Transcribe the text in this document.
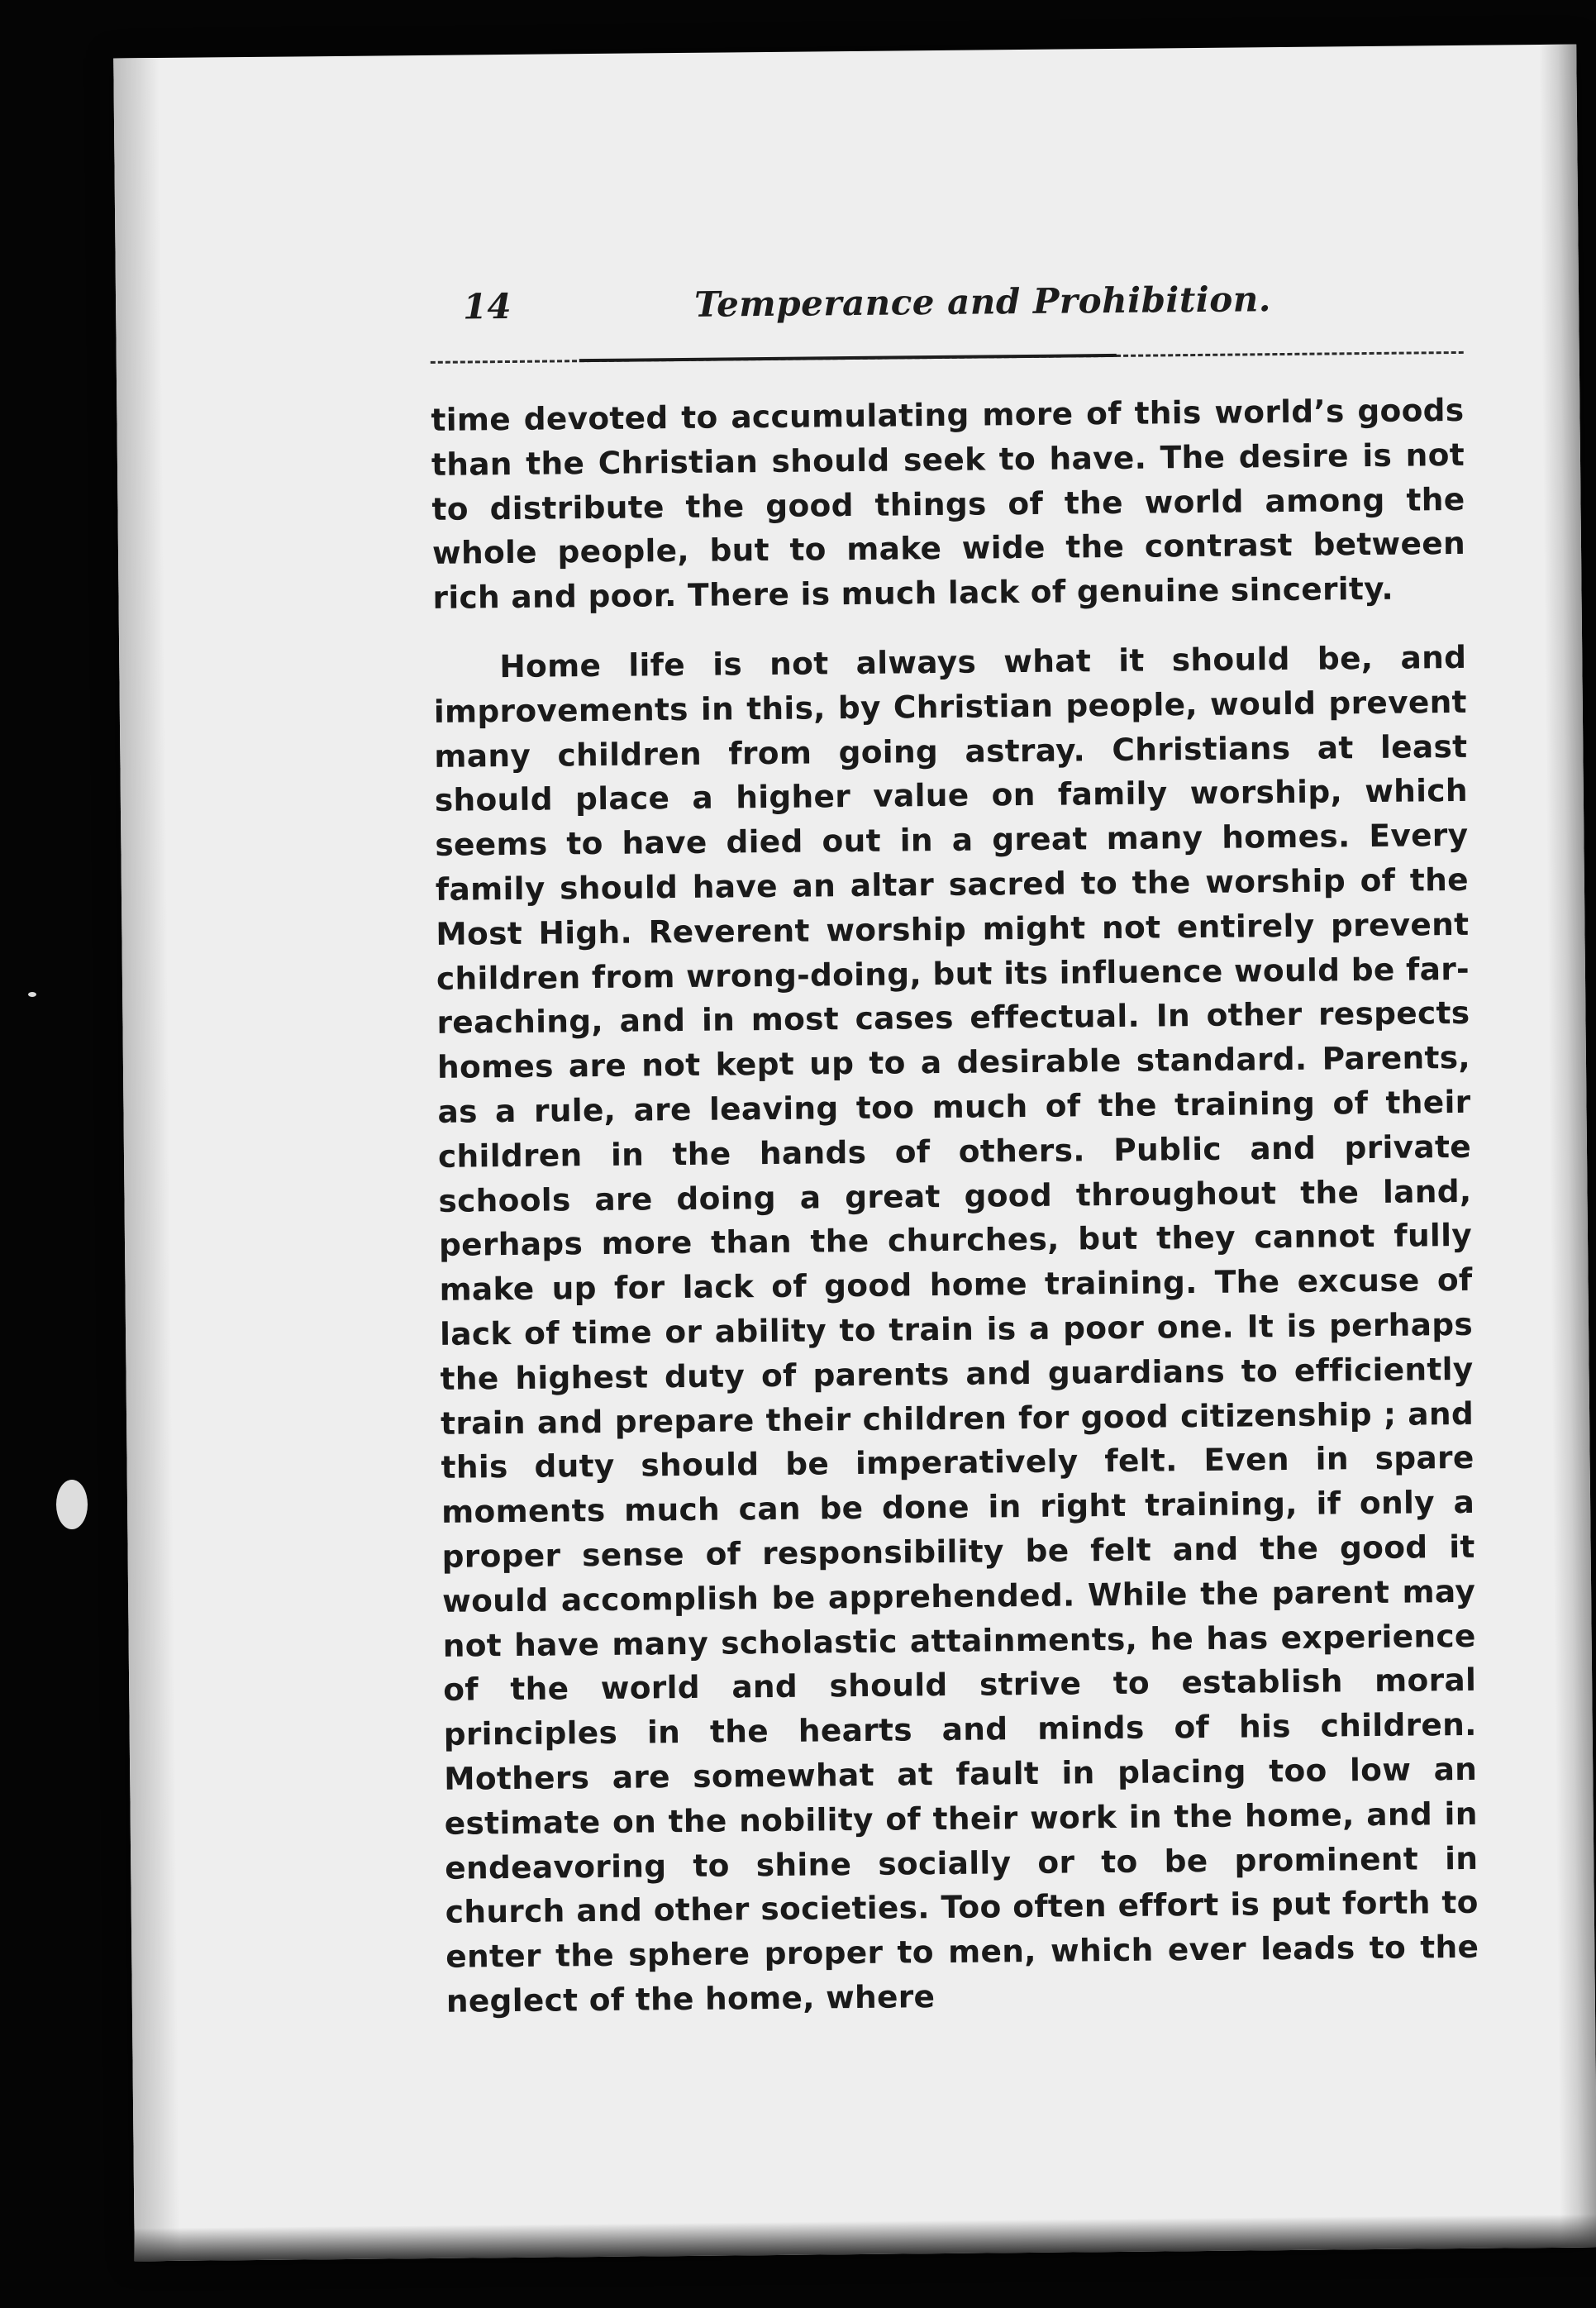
14	Temperance and Prohibition.

time devoted to accumulating more of this world’s goods than the Christian should seek to have. The desire is not to distribute the good things of the world among the whole people, but to make wide the contrast between rich and poor. There is much lack of genuine sincerity.

Home life is not always what it should be, and improvements in this, by Christian people, would prevent many children from going astray. Christians at least should place a higher value on family worship, which seems to have died out in a great many homes. Every family should have an altar sacred to the worship of the Most High. Reverent worship might not entirely prevent children from wrong-doing, but its influence would be far-reaching, and in most cases effectual. In other respects homes are not kept up to a desirable standard. Parents, as a rule, are leaving too much of the training of their children in the hands of others. Public and private schools are doing a great good throughout the land, perhaps more than the churches, but they cannot fully make up for lack of good home training. The excuse of lack of time or ability to train is a poor one. It is perhaps the highest duty of parents and guardians to efficiently train and prepare their children for good citizenship ; and this duty should be imperatively felt. Even in spare moments much can be done in right training, if only a proper sense of responsibility be felt and the good it would accomplish be apprehended. While the parent may not have many scholastic attainments, he has experience of the world and should strive to establish moral principles in the hearts and minds of his children. Mothers are somewhat at fault in placing too low an estimate on the nobility of their work in the home, and in endeavoring to shine socially or to be prominent in church and other societies. Too often effort is put forth to enter the sphere proper to men, which ever leads to the neglect of the home, where
